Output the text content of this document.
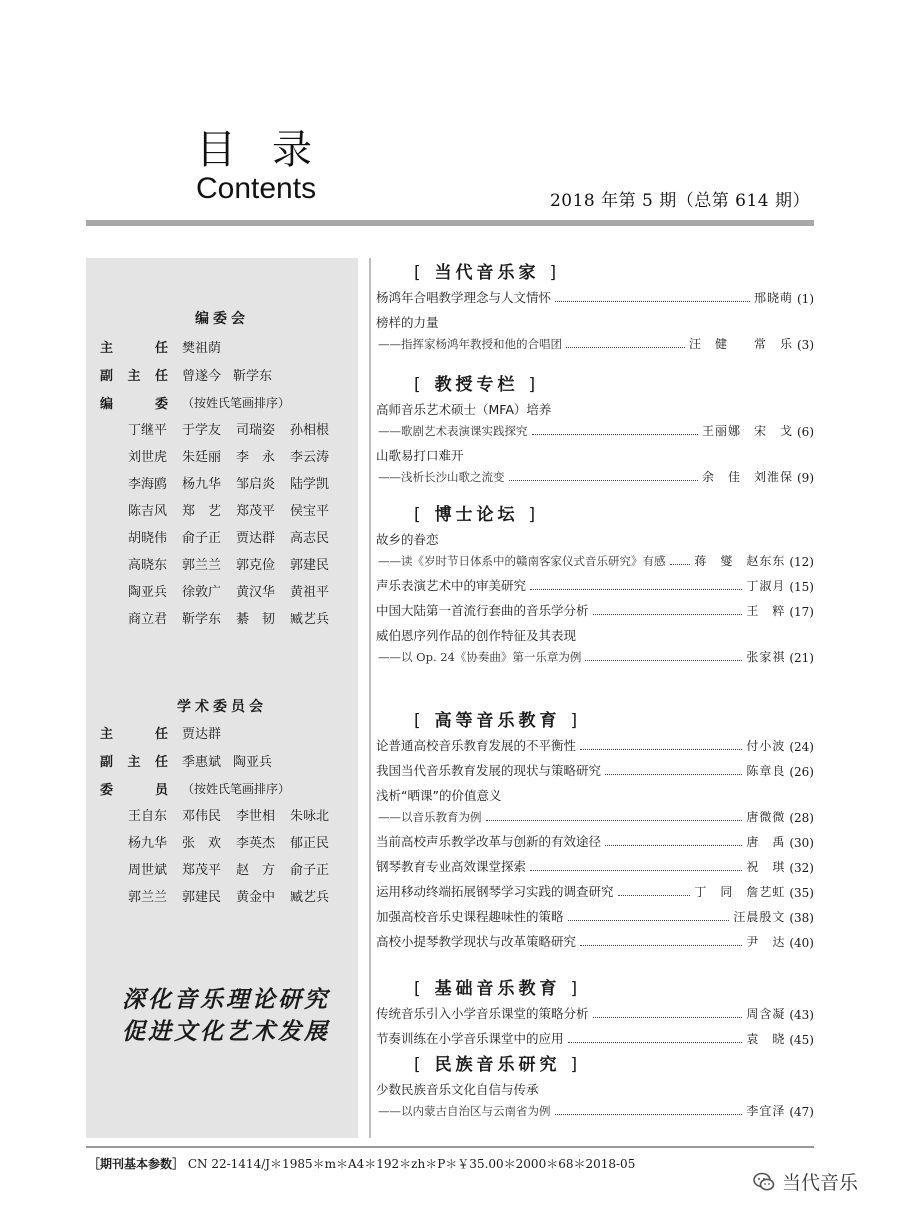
目录
Contents	2018 年第 5 期（总第 614 期）
编委会
主	任 樊祖荫
副 主 任 曾遂今 靳学东
编	委 （按姓氏笔画排序）
丁继平	于学友	司瑞姿	孙相根
刘世虎	朱廷丽	李　永	李云涛
李海鸥	杨九华	邹启炎	陆学凯
陈吉风	郑　艺	郑茂平	侯宝平
胡晓伟	俞子正	贾达群	高志民
高晓东	郭兰兰	郭克俭	郭建民
陶亚兵	徐敦广	黄汉华	黄祖平
商立君	靳学东	綦　韧	臧艺兵
学术委员会
主	任 贾达群
副 主 任 季惠斌 陶亚兵
委	员 （按姓氏笔画排序）
王自东	邓伟民	李世相	朱咏北
杨九华	张　欢	李英杰	郁正民
周世斌	郑茂平	赵　方	俞子正
郭兰兰	郭建民	黄金中	臧艺兵
深化音乐理论研究
促进文化艺术发展
[ 当代音乐家 ]
杨鸿年合唱教学理念与人文情怀	邢晓萌 (1)
榜样的力量
——指挥家杨鸿年教授和他的合唱团	汪　健　　常　乐 (3)
[ 教授专栏 ]
高师音乐艺术硕士（MFA）培养
——歌剧艺术表演课实践探究	王丽娜　宋　戈 (6)
山歌易打口难开
——浅析长沙山歌之流变	余　佳　刘淮保 (9)
[ 博士论坛 ]
故乡的眷恋
——读《岁时节日体系中的赣南客家仪式音乐研究》有感 蒋　燮　赵东东 (12)
声乐表演艺术中的审美研究	丁淑月 (15)
中国大陆第一首流行套曲的音乐学分析	王　粹 (17)
威伯恩序列作品的创作特征及其表现
——以 Op. 24《协奏曲》第一乐章为例	张家祺 (21)
[ 高等音乐教育 ]
论普通高校音乐教育发展的不平衡性	付小波 (24)
我国当代音乐教育发展的现状与策略研究	陈章良 (26)
浅析“晒课”的价值意义
——以音乐教育为例	唐微微 (28)
当前高校声乐教学改革与创新的有效途径	唐　禹 (30)
钢琴教育专业高效课堂探索	祝　琪 (32)
运用移动终端拓展钢琴学习实践的调查研究	丁　同　詹艺虹 (35)
加强高校音乐史课程趣味性的策略	汪晨殷文 (38)
高校小提琴教学现状与改革策略研究	尹　达 (40)
[ 基础音乐教育 ]
传统音乐引入小学音乐课堂的策略分析	周含凝 (43)
节奏训练在小学音乐课堂中的应用	袁　晓 (45)
[ 民族音乐研究 ]
少数民族音乐文化自信与传承
——以内蒙古自治区与云南省为例	李宜泽 (47)
［期刊基本参数］ CN 22-1414/J＊1985＊m＊A4＊192＊zh＊P＊￥35.00＊2000＊68＊2018-05
当代音乐
